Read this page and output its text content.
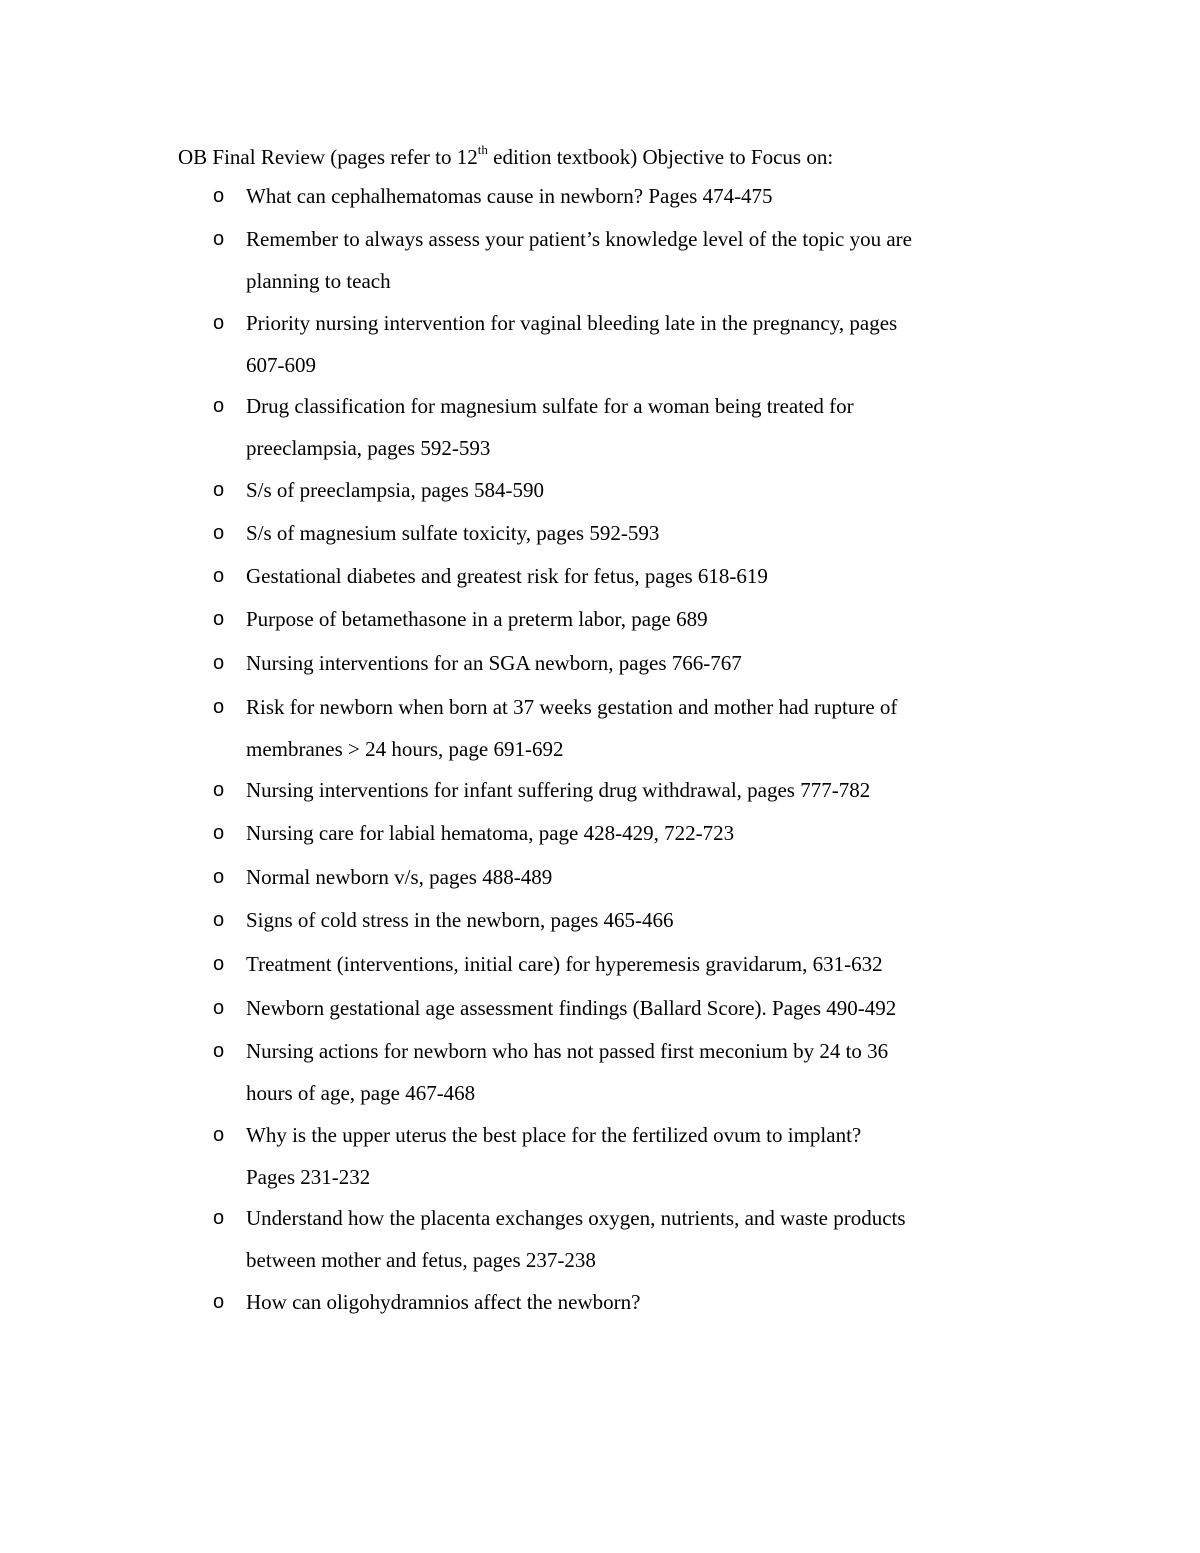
OB Final Review (pages refer to 12th edition textbook) Objective to Focus on:
o	What can cephalhematomas cause in newborn? Pages 474-475
o	Remember to always assess your patient’s knowledge level of the topic you are
planning to teach
o	Priority nursing intervention for vaginal bleeding late in the pregnancy, pages
607-609
o	Drug classification for magnesium sulfate for a woman being treated for
preeclampsia, pages 592-593
o	S/s of preeclampsia, pages 584-590
o	S/s of magnesium sulfate toxicity, pages 592-593
o	Gestational diabetes and greatest risk for fetus, pages 618-619
o	Purpose of betamethasone in a preterm labor, page 689
o	Nursing interventions for an SGA newborn, pages 766-767
o	Risk for newborn when born at 37 weeks gestation and mother had rupture of
membranes > 24 hours, page 691-692
o	Nursing interventions for infant suffering drug withdrawal, pages 777-782
o	Nursing care for labial hematoma, page 428-429, 722-723
o	Normal newborn v/s, pages 488-489
o	Signs of cold stress in the newborn, pages 465-466
o	Treatment (interventions, initial care) for hyperemesis gravidarum, 631-632
o	Newborn gestational age assessment findings (Ballard Score). Pages 490-492
o	Nursing actions for newborn who has not passed first meconium by 24 to 36
hours of age, page 467-468
o	Why is the upper uterus the best place for the fertilized ovum to implant?
Pages 231-232
o	Understand how the placenta exchanges oxygen, nutrients, and waste products
between mother and fetus, pages 237-238
o	How can oligohydramnios affect the newborn?
